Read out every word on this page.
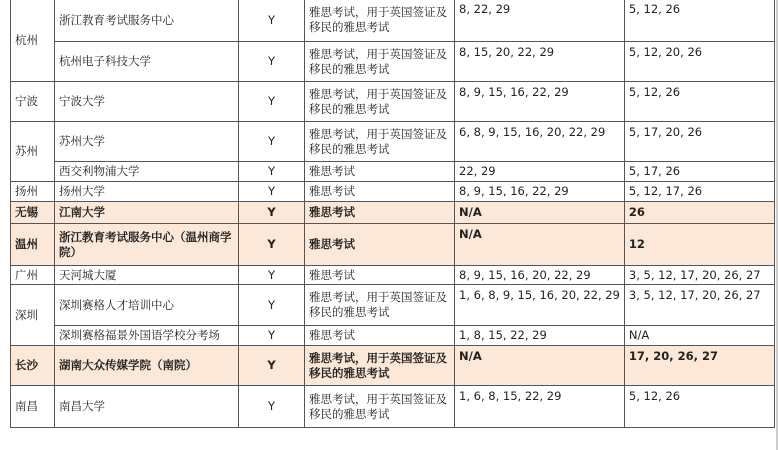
杭州	浙江教育考试服务中心	Y	雅思考试，用于英国签证及移民的雅思考试	8, 22, 29	5, 12, 26
	杭州电子科技大学	Y	雅思考试，用于英国签证及移民的雅思考试	8, 15, 20, 22, 29	5, 12, 20, 26
宁波	宁波大学	Y	雅思考试，用于英国签证及移民的雅思考试	8, 9, 15, 16, 22, 29	5, 12, 26
苏州	苏州大学	Y	雅思考试，用于英国签证及移民的雅思考试	6, 8, 9, 15, 16, 20, 22, 29	5, 17, 20, 26
	西交利物浦大学	Y	雅思考试	22, 29	5, 17, 26
扬州	扬州大学	Y	雅思考试	8, 9, 15, 16, 22, 29	5, 12, 17, 26
无锡	江南大学	Y	雅思考试	N/A	26
温州	浙江教育考试服务中心（温州商学院）	Y	雅思考试	N/A	12
广州	天河城大厦	Y	雅思考试	8, 9, 15, 16, 20, 22, 29	3, 5, 12, 17, 20, 26, 27
深圳	深圳赛格人才培训中心	Y	雅思考试，用于英国签证及移民的雅思考试	1, 6, 8, 9, 15, 16, 20, 22, 29	3, 5, 12, 17, 20, 26, 27
	深圳赛格福景外国语学校分考场	Y	雅思考试	1, 8, 15, 22, 29	N/A
长沙	湖南大众传媒学院（南院）	Y	雅思考试，用于英国签证及移民的雅思考试	N/A	17, 20, 26, 27
南昌	南昌大学	Y	雅思考试，用于英国签证及移民的雅思考试	1, 6, 8, 15, 22, 29	5, 12, 26
